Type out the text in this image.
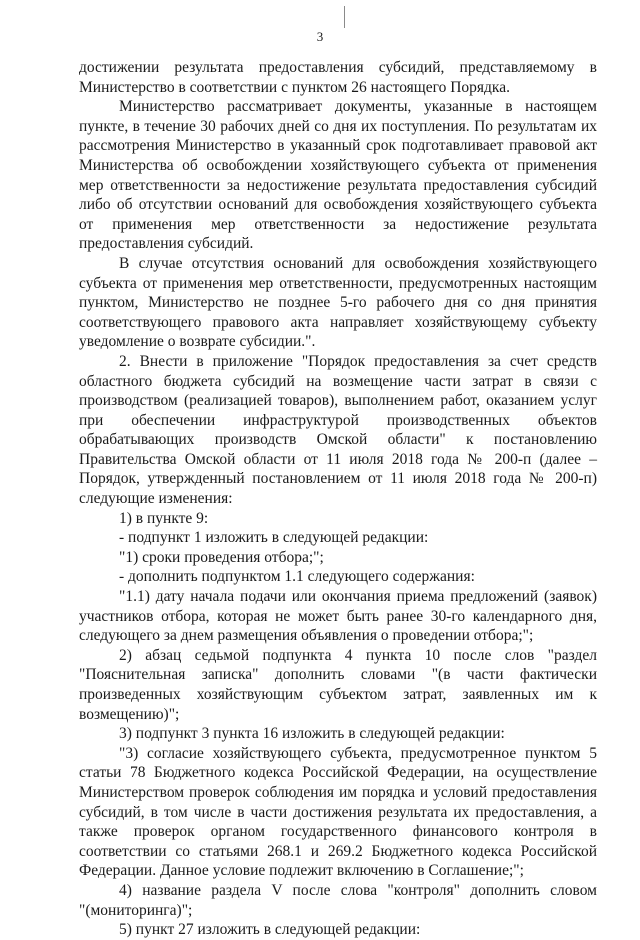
3
достижении результата предоставления субсидий, представляемому в
Министерство в соответствии с пунктом 26 настоящего Порядка.
Министерство рассматривает документы, указанные в настоящем
пункте, в течение 30 рабочих дней со дня их поступления. По результатам их
рассмотрения Министерство в указанный срок подготавливает правовой акт
Министерства об освобождении хозяйствующего субъекта от применения
мер ответственности за недостижение результата предоставления субсидий
либо об отсутствии оснований для освобождения хозяйствующего субъекта
от применения мер ответственности за недостижение результата
предоставления субсидий.
В случае отсутствия оснований для освобождения хозяйствующего
субъекта от применения мер ответственности, предусмотренных настоящим
пунктом, Министерство не позднее 5-го рабочего дня со дня принятия
соответствующего правового акта направляет хозяйствующему субъекту
уведомление о возврате субсидии.".
2. Внести в приложение "Порядок предоставления за счет средств
областного бюджета субсидий на возмещение части затрат в связи с
производством (реализацией товаров), выполнением работ, оказанием услуг
при обеспечении инфраструктурой производственных объектов
обрабатывающих производств Омской области" к постановлению
Правительства Омской области от 11 июля 2018 года № 200-п (далее –
Порядок, утвержденный постановлением от 11 июля 2018 года № 200-п)
следующие изменения:
1) в пункте 9:
- подпункт 1 изложить в следующей редакции:
"1) сроки проведения отбора;";
- дополнить подпунктом 1.1 следующего содержания:
"1.1) дату начала подачи или окончания приема предложений (заявок)
участников отбора, которая не может быть ранее 30-го календарного дня,
следующего за днем размещения объявления о проведении отбора;";
2) абзац седьмой подпункта 4 пункта 10 после слов "раздел
"Пояснительная записка" дополнить словами "(в части фактически
произведенных хозяйствующим субъектом затрат, заявленных им к
возмещению)";
3) подпункт 3 пункта 16 изложить в следующей редакции:
"3) согласие хозяйствующего субъекта, предусмотренное пунктом 5
статьи 78 Бюджетного кодекса Российской Федерации, на осуществление
Министерством проверок соблюдения им порядка и условий предоставления
субсидий, в том числе в части достижения результата их предоставления, а
также проверок органом государственного финансового контроля в
соответствии со статьями 268.1 и 269.2 Бюджетного кодекса Российской
Федерации. Данное условие подлежит включению в Соглашение;";
4) название раздела V после слова "контроля" дополнить словом
"(мониторинга)";
5) пункт 27 изложить в следующей редакции:
